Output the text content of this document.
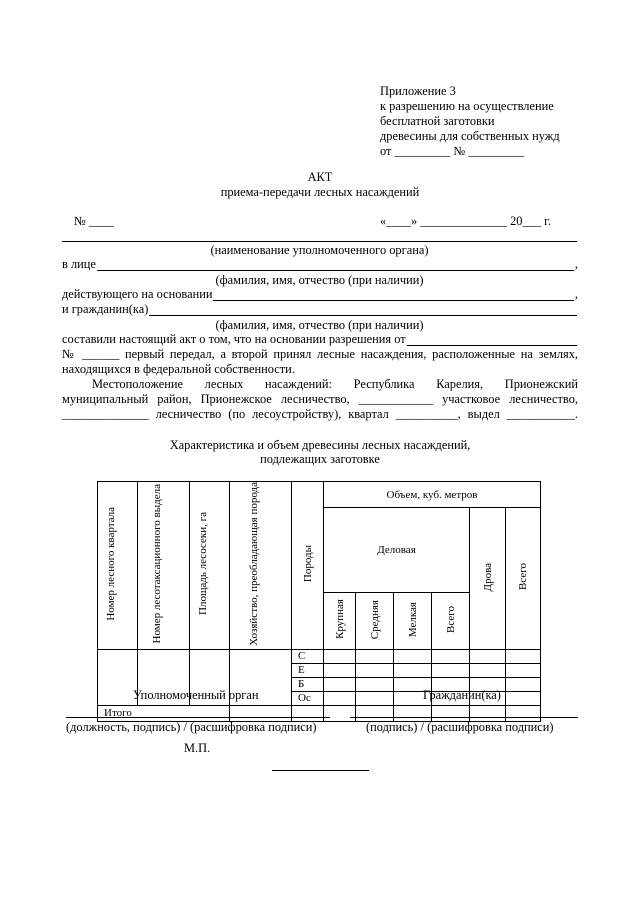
Приложение 3
к разрешению на осуществление
бесплатной заготовки
древесины для собственных нужд
от _________ № _________
АКТ
приема-передачи лесных насаждений
№ ____	«____» ______________ 20___ г.
(наименование уполномоченного органа)
в лице	,
(фамилия, имя, отчество (при наличии)
действующего на основании	,
и гражданин(ка)
(фамилия, имя, отчество (при наличии)
составили настоящий акт о том, что на основании разрешения от
№ ______ первый передал, а второй принял лесные насаждения, расположенные на землях,
находящихся в федеральной собственности.
Местоположение лесных насаждений: Республика Карелия, Прионежский
муниципальный район, Прионежское лесничество, ____________ участковое лесничество,
______________ лесничество (по лесоустройству), квартал __________, выдел ___________.
Характеристика и объем древесины лесных насаждений,
подлежащих заготовке
Номер лесного квартала	Номер лесотаксационного выдела	Площадь лесосеки, га	Хозяйство, преобладающая порода	Породы	Объем, куб. метров					
					Деловая				Дрова	Всего
					Крупная	Средняя	Мелкая	Всего		
				С						
				Е						
				Б						
				Ос						
Итого										
Уполномоченный орган	Гражданин(ка)
(должность, подпись) / (расшифровка подписи)	(подпись) / (расшифровка подписи)
М.П.
